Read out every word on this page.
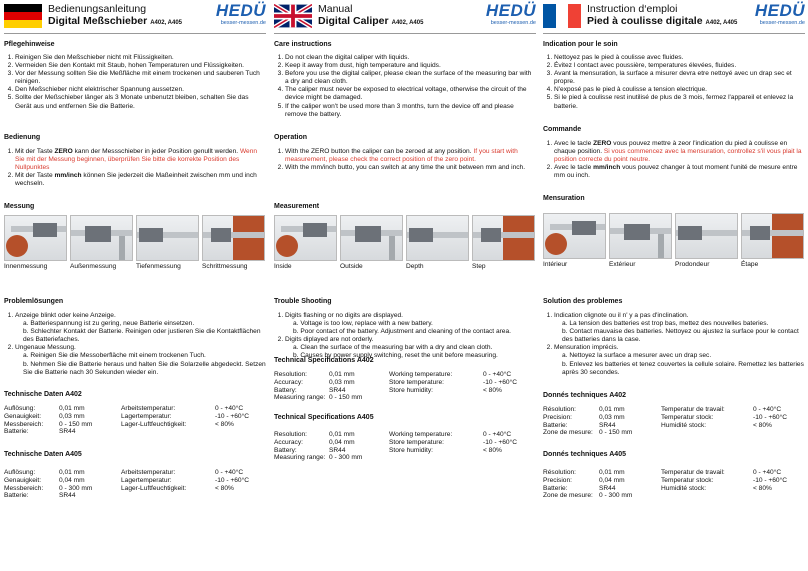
Bedienungsanleitung
Digital Meßschieber A402, A405
HEDÜ
besser-messen.de
Pflegehinweise
1. Reinigen Sie den Meßschieber nicht mit Flüssigkeiten.
2. Vermeiden Sie den Kontakt mit Staub, hohen Temperaturen und Flüssigkeiten.
3. Vor der Messung sollten Sie die Meßfläche mit einem trockenen und sauberen Tuch reinigen.
4. Den Meßschieber nicht elektrischer Spannung aussetzen.
5. Sollte der Meßschieber länger als 3 Monate unbenutzt bleiben, schalten Sie das Gerät aus und entfernen Sie die Batterie.
Bedienung
1. Mit der Taste ZERO kann der Messschieber in jeder Position genullt werden. Wenn Sie mit der Messung beginnen, überprüfen Sie bitte die korrekte Position des Nullpunktes
2. Mit der Taste mm/inch können Sie jederzeit die Maßeinheit zwischen mm und inch wechseln.
Messung
Innenmessung	Außenmessung	Tiefenmessung	Schrittmessung
Problemlösungen
1. Anzeige blinkt oder keine Anzeige.
a. Batteriespannung ist zu gering, neue Batterie einsetzen.
b. Schlechter Kontakt der Batterie. Reinigen oder justieren Sie die Kontaktflächen des Batteriefaches.
2. Ungenaue Messung.
a. Reinigen Sie die Messoberfläche mit einem trockenen Tuch.
b. Nehmen Sie die Batterie heraus und halten Sie die Solarzelle abgedeckt. Setzen Sie die Batterie nach 30 Sekunden wieder ein.
Technische Daten A402
Auflösung:	0,01 mm	Arbeitstemperatur:	0 - +40°C
Genauigkeit:	0,03 mm	Lagertemperatur:	-10 - +60°C
Messbereich:	0 - 150 mm	Lager-Luftfeuchtigkeit:	< 80%
Batterie:	SR44		
Technische Daten A405
Auflösung:	0,01 mm	Arbeitstemperatur:	0 - +40°C
Genauigkeit:	0,04 mm	Lagertemperatur:	-10 - +60°C
Messbereich:	0 - 300 mm	Lager-Luftfeuchtigkeit:	< 80%
Batterie:	SR44		
Manual
Digital Caliper A402, A405
HEDÜ
besser-messen.de
Care instructions
1. Do not clean the digital caliper with liquids.
2. Keep it away from dust, high temperature and liquids.
3. Before you use the digital caliper, please clean the surface of the measuring bar with a dry and clean cloth.
4. The caliper must never be exposed to electrical voltage, otherwise the circuit of the device might be damaged.
5. If the caliper won't be used more than 3 months, turn the device off and please remove the battery.
Operation
1. With the ZERO button the caliper can be zeroed at any position. If you start with measurement, please check the correct position of the zero point.
2. With the mm/inch butto, you can switch at any time the unit between mm and inch.
Measurement
Inside	Outside	Depth	Step
Trouble Shooting
1. Digits flashing or no digits are displayed.
a. Voltage is too low, replace with a new battery.
b. Poor contact of the battery. Adjustment and cleaning of the contact area.
2. Digits diplayed are not orderly.
a. Clean the surface of the measuring bar with a dry and clean cloth.
b. Causes by power supply switching, reset the unit before measuring.
Technical Specifications A402
Resolution:	0,01 mm	Working temperature:	0 - +40°C
Accuracy:	0,03 mm	Store temperature:	-10 - +60°C
Battery:	SR44	Store humidity:	< 80%
Measuring range:	0 - 150 mm		
Technical Specifications A405
Resolution:	0,01 mm	Working temperature:	0 - +40°C
Accuracy:	0,04 mm	Store temperature:	-10 - +60°C
Battery:	SR44	Store humidity:	< 80%
Measuring range:	0 - 300 mm		
Instruction d‘emploi
Pied à coulisse digitale A402, A405
HEDÜ
besser-messen.de
Indication pour le soin
1. Nettoyez pas le pied à coulisse avec fluides.
2. Évitez l contact avec poussière, temperatures élevées, fluides.
3. Avant la mensuration, la surface a misurer devra etre nettoyé avec un drap sec et propre.
4. N'exposé pas le pied à coulisse a tension electrique.
5. Si le pied à coulisse rest inutilisé de plus de 3 mois, fermez l'appareil et enlevez la batterie.
Commande
1. Avec le tacle ZERO vous pouvez mettre à zeor l'indication du pied à coulisse en chaque position. Si vous commencez avec la mensuration, controllez s'il vous plait la position correcte du point neutre.
2. Avec le tacle mm/inch vous pouvez changer à tout moment l'unité de mesure entre mm ou inch.
Mensuration
Intérieur	Extérieur	Prodondeur	Étape
Solution des problemes
1. Indication clignote ou il n' y a pas d'inclination.
a. La tension des batteries est trop bas, mettez des nouvelles bateries.
b. Contact mauvaise des batteries. Nettoyez ou ajustez la surface pour le contact des batteries dans la case.
2. Mensuration imprécis.
a. Nettoyez la surface a mesurer avec un drap sec.
b. Enlevez les batteries et tenez couvertes la cellule solaire. Remettez les batteries après 30 secondes.
Donnés techniques A402
Résolution:	0,01 mm	Temperatur de travail:	0 - +40°C
Precision:	0,03 mm	Temperatur stock:	-10 - +60°C
Batterie:	SR44	Humidité stock:	< 80%
Zone de mesure:	0 - 150 mm		
Donnés techniques A405
Résolution:	0,01 mm	Temperatur de travail:	0 - +40°C
Precision:	0,04 mm	Temperatur stock:	-10 - +60°C
Batterie:	SR44	Humidité stock:	< 80%
Zone de mesure:	0 - 300 mm		
